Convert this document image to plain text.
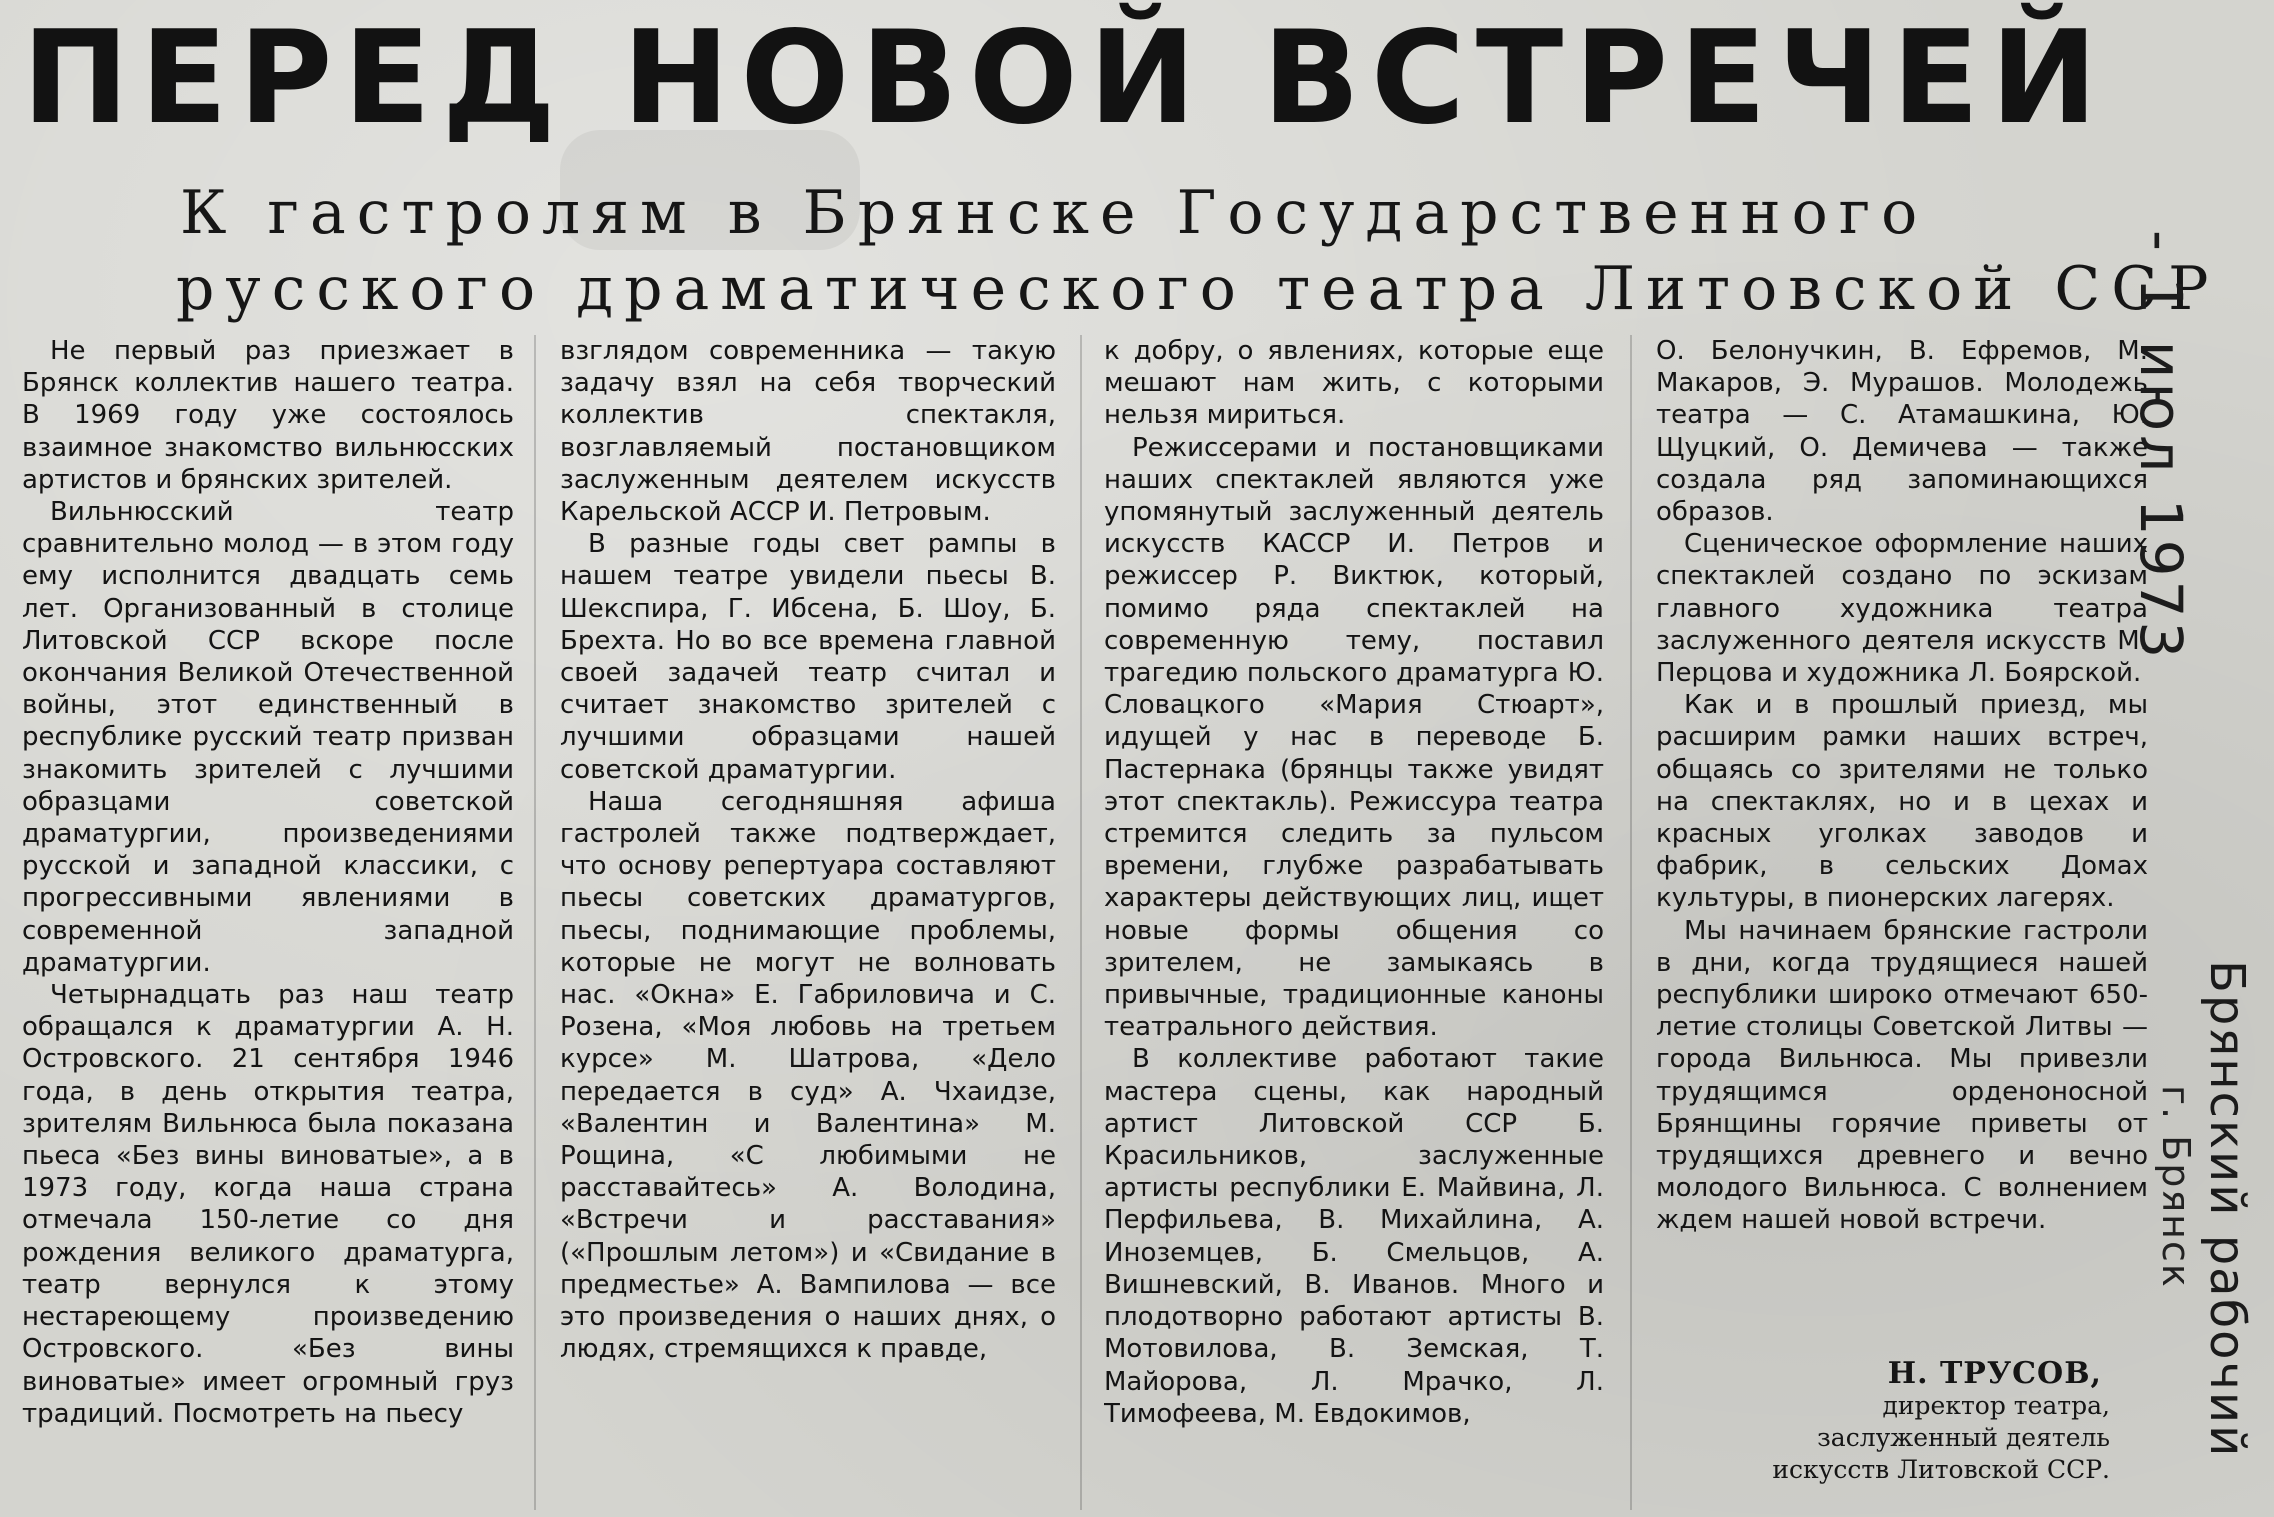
ПЕРЕД НОВОЙ ВСТРЕЧЕЙ
К гастролям в Брянске Государственного
русского драматического театра Литовской ССР

Не первый раз приезжает в Брянск коллектив нашего театра. В 1969 году уже состоялось взаимное знакомство вильнюсских артистов и брянских зрителей.

Вильнюсский театр сравнительно молод — в этом году ему исполнится двадцать семь лет. Организованный в столице Литовской ССР вскоре после окончания Великой Отечественной войны, этот единственный в республике русский театр призван знакомить зрителей с лучшими образцами советской драматургии, произведениями русской и западной классики, с прогрессивными явлениями в современной западной драматургии.

Четырнадцать раз наш театр обращался к драматургии А. Н. Островского. 21 сентября 1946 года, в день открытия театра, зрителям Вильнюса была показана пьеса «Без вины виноватые», а в 1973 году, когда наша страна отмечала 150-летие со дня рождения великого драматурга, театр вернулся к этому нестареющему произведению Островского. «Без вины виноватые» имеет огромный груз традиций. Посмотреть на пьесу

взглядом современника — такую задачу взял на себя творческий коллектив спектакля, возглавляемый постановщиком заслуженным деятелем искусств Карельской АССР И. Петровым.

В разные годы свет рампы в нашем театре увидели пьесы В. Шекспира, Г. Ибсена, Б. Шоу, Б. Брехта. Но во все времена главной своей задачей театр считал и считает знакомство зрителей с лучшими образцами нашей советской драматургии.

Наша сегодняшняя афиша гастролей также подтверждает, что основу репертуара составляют пьесы советских драматургов, пьесы, поднимающие проблемы, которые не могут не волновать нас. «Окна» Е. Габриловича и С. Розена, «Моя любовь на третьем курсе» М. Шатрова, «Дело передается в суд» А. Чхаидзе, «Валентин и Валентина» М. Рощина, «С любимыми не расставайтесь» А. Володина, «Встречи и расставания» («Прошлым летом») и «Свидание в предместье» А. Вампилова — все это произведения о наших днях, о людях, стремящихся к правде,

к добру, о явлениях, которые еще мешают нам жить, с которыми нельзя мириться.

Режиссерами и постановщиками наших спектаклей являются уже упомянутый заслуженный деятель искусств КАССР И. Петров и режиссер Р. Виктюк, который, помимо ряда спектаклей на современную тему, поставил трагедию польского драматурга Ю. Словацкого «Мария Стюарт», идущей у нас в переводе Б. Пастернака (брянцы также увидят этот спектакль). Режиссура театра стремится следить за пульсом времени, глубже разрабатывать характеры действующих лиц, ищет новые формы общения со зрителем, не замыкаясь в привычные, традиционные каноны театрального действия.

В коллективе работают такие мастера сцены, как народный артист Литовской ССР Б. Красильников, заслуженные артисты республики Е. Майвина, Л. Перфильева, В. Михайлина, А. Иноземцев, Б. Смельцов, А. Вишневский, В. Иванов. Много и плодотворно работают артисты В. Мотовилова, В. Земская, Т. Майорова, Л. Мрачко, Л. Тимофеева, М. Евдокимов,

О. Белонучкин, В. Ефремов, М. Макаров, Э. Мурашов. Молодежь театра — С. Атамашкина, Ю. Щуцкий, О. Демичева — также создала ряд запоминающихся образов.

Сценическое оформление наших спектаклей создано по эскизам главного художника театра заслуженного деятеля искусств М. Перцова и художника Л. Боярской.

Как и в прошлый приезд, мы расширим рамки наших встреч, общаясь со зрителями не только на спектаклях, но и в цехах и красных уголках заводов и фабрик, в сельских Домах культуры, в пионерских лагерях.

Мы начинаем брянские гастроли в дни, когда трудящиеся нашей республики широко отмечают 650-летие столицы Советской Литвы — города Вильнюса. Мы привезли трудящимся орденоносной Брянщины горячие приветы от трудящихся древнего и вечно молодого Вильнюса. С волнением ждем нашей новой встречи.

Н. ТРУСОВ,
директор театра,
заслуженный деятель
искусств Литовской ССР.
- 1 июл 1973
Брянский рабочий
г. Брянск
